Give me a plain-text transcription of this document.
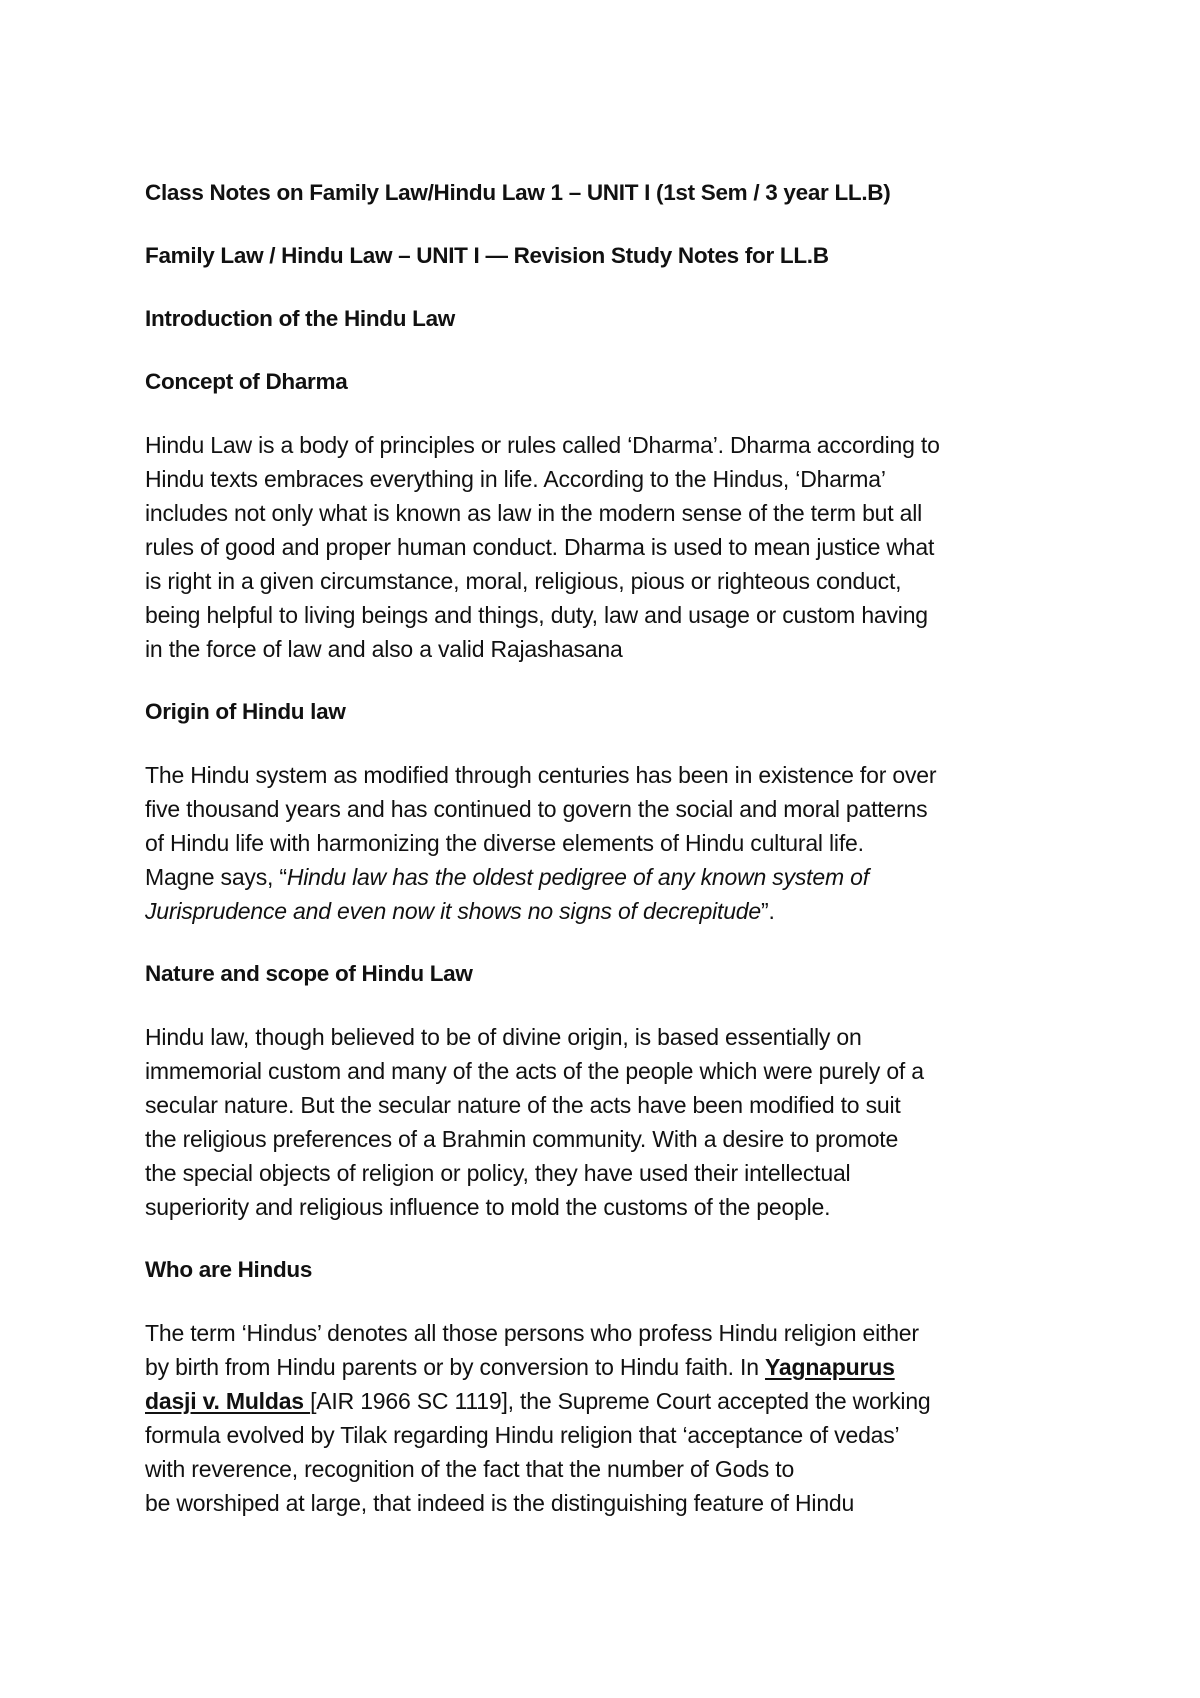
Class Notes on Family Law/Hindu Law 1 – UNIT I (1st Sem / 3 year LL.B)
Family Law / Hindu Law – UNIT I — Revision Study Notes for LL.B
Introduction of the Hindu Law
Concept of Dharma
Hindu Law is a body of principles or rules called ‘Dharma’. Dharma according to
Hindu texts embraces everything in life. According to the Hindus, ‘Dharma’
includes not only what is known as law in the modern sense of the term but all
rules of good and proper human conduct. Dharma is used to mean justice what
is right in a given circumstance, moral, religious, pious or righteous conduct,
being helpful to living beings and things, duty, law and usage or custom having
in the force of law and also a valid Rajashasana
Origin of Hindu law
The Hindu system as modified through centuries has been in existence for over
five thousand years and has continued to govern the social and moral patterns
of Hindu life with harmonizing the diverse elements of Hindu cultural life.
Magne says, “Hindu law has the oldest pedigree of any known system of
Jurisprudence and even now it shows no signs of decrepitude”.
Nature and scope of Hindu Law
Hindu law, though believed to be of divine origin, is based essentially on
immemorial custom and many of the acts of the people which were purely of a
secular nature. But the secular nature of the acts have been modified to suit
the religious preferences of a Brahmin community. With a desire to promote
the special objects of religion or policy, they have used their intellectual
superiority and religious influence to mold the customs of the people.
Who are Hindus
The term ‘Hindus’ denotes all those persons who profess Hindu religion either
by birth from Hindu parents or by conversion to Hindu faith. In Yagnapurus
dasji v. Muldas [AIR 1966 SC 1119], the Supreme Court accepted the working
formula evolved by Tilak regarding Hindu religion that ‘acceptance of vedas’
with reverence, recognition of the fact that the number of Gods to
be worshiped at large, that indeed is the distinguishing feature of Hindu
